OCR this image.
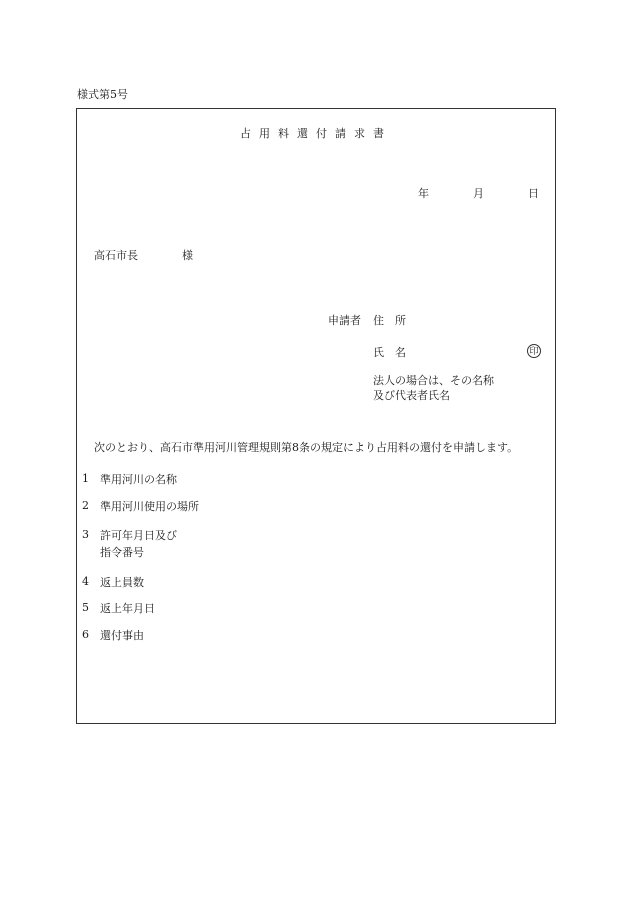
様式第5号
占用料還付請求書
年	月	日
高石市長	様
申請者 住　所
氏　名	印
法人の場合は、その名称
及び代表者氏名
次のとおり、高石市準用河川管理規則第8条の規定により占用料の還付を申請します。
1 準用河川の名称
2 準用河川使用の場所
3 許可年月日及び
指令番号
4 返上員数
5 返上年月日
6 還付事由
